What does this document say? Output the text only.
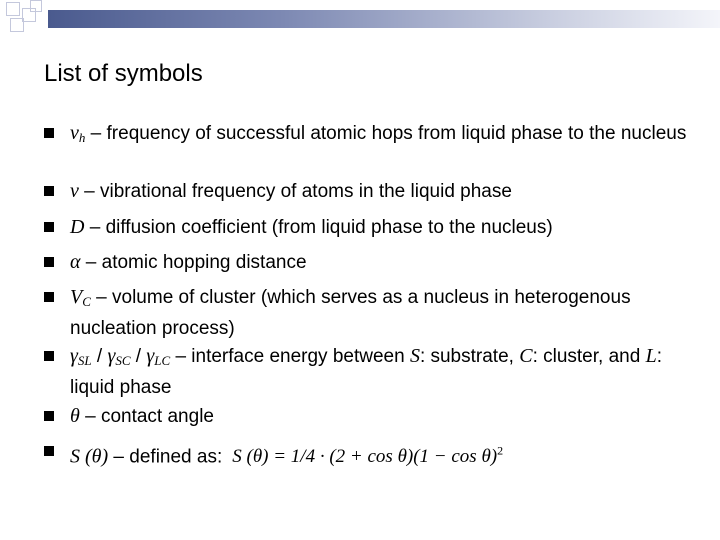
List of symbols
$\nu_h$ – frequency of successful atomic hops from liquid phase to the nucleus
ν – vibrational frequency of atoms in the liquid phase
D – diffusion coefficient (from liquid phase to the nucleus)
α – atomic hopping distance
$V_C$ – volume of cluster (which serves as a nucleus in heterogenous nucleation process)
$\gamma_{SL} / \gamma_{SC} / \gamma_{LC}$ – interface energy between S: substrate, C: cluster, and L: liquid phase
θ – contact angle
S (θ) – defined as: S $(\theta) = 1/4 \cdot (2 + \cos \theta)(1 - \cos \theta)^2$
